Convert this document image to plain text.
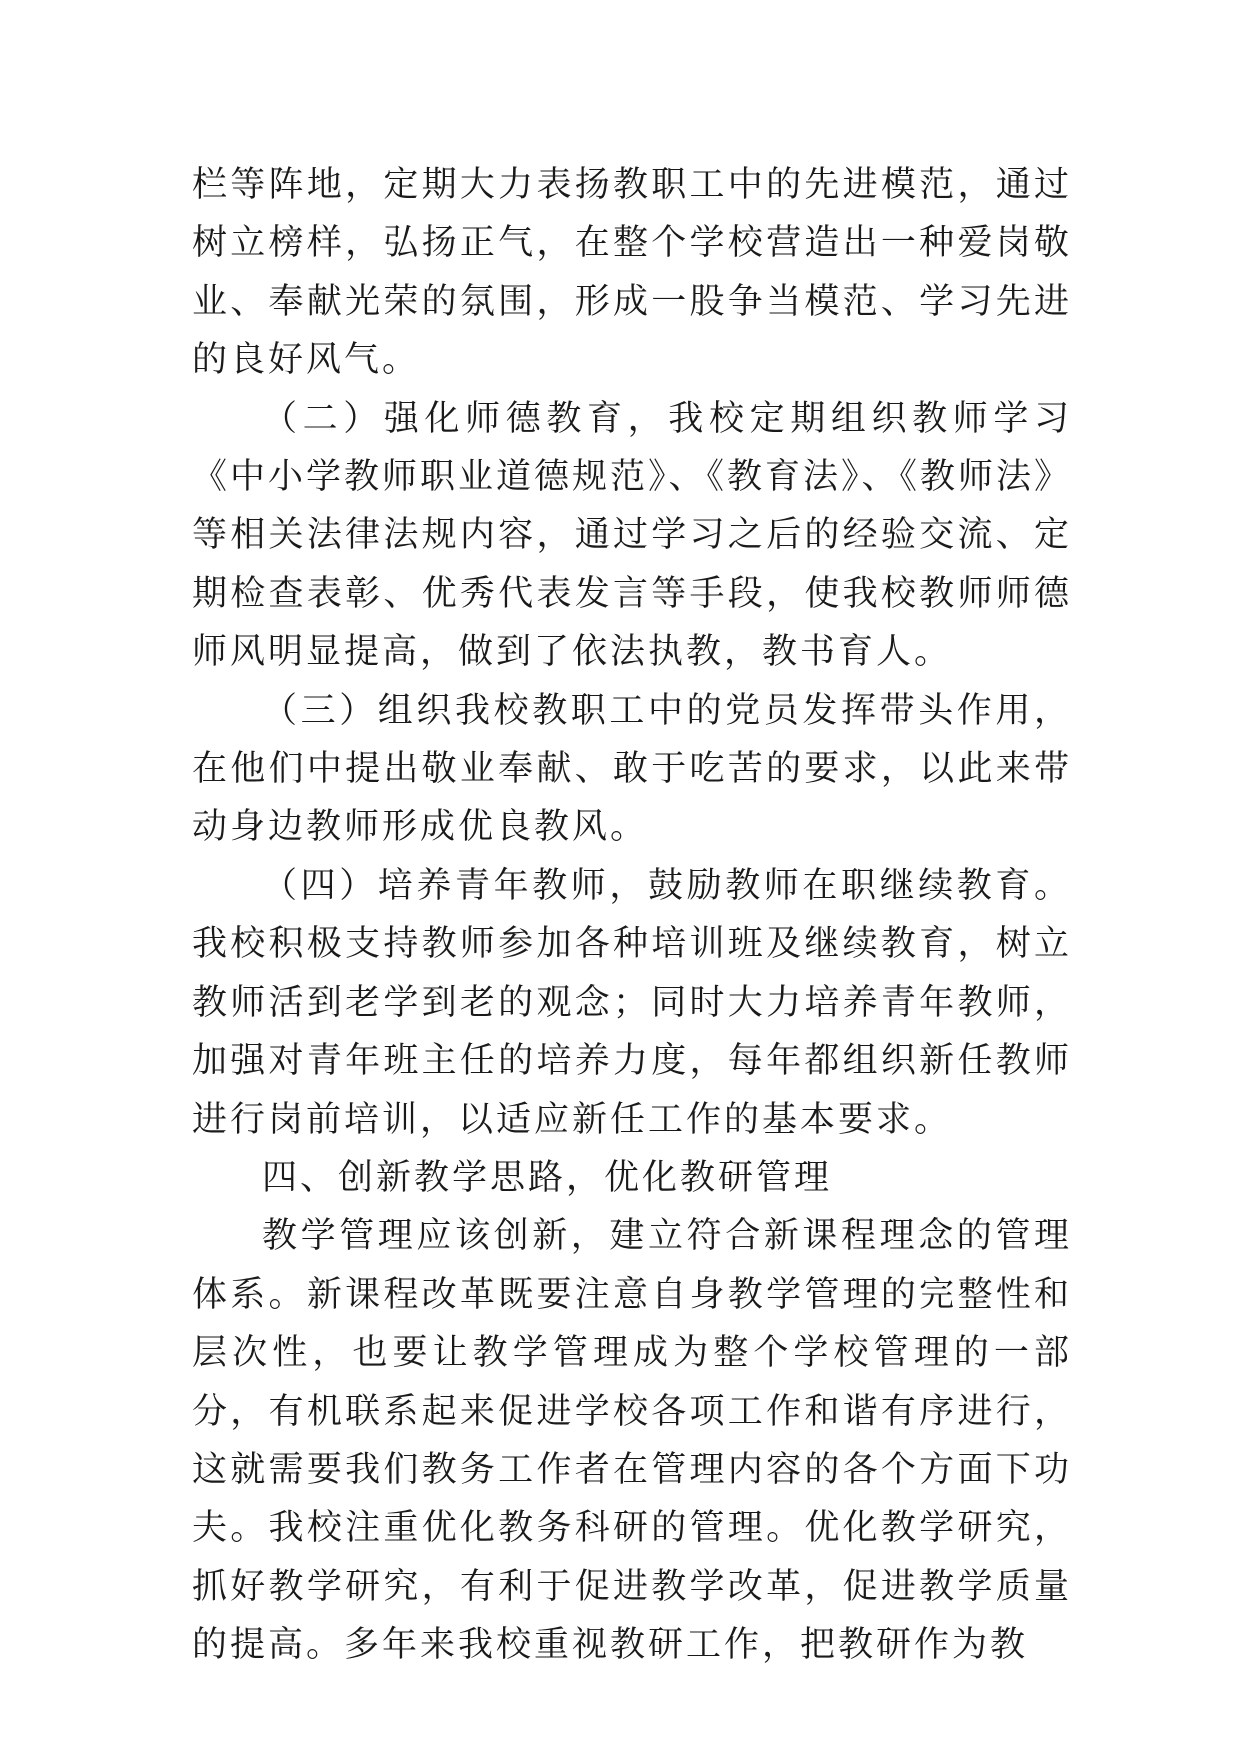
栏等阵地，定期大力表扬教职工中的先进模范，通过树立榜样，弘扬正气，在整个学校营造出一种爱岗敬业、奉献光荣的氛围，形成一股争当模范、学习先进的良好风气。

（二）强化师德教育，我校定期组织教师学习《中小学教师职业道德规范》、《教育法》、《教师法》等相关法律法规内容，通过学习之后的经验交流、定期检查表彰、优秀代表发言等手段，使我校教师师德师风明显提高，做到了依法执教，教书育人。

（三）组织我校教职工中的党员发挥带头作用，在他们中提出敬业奉献、敢于吃苦的要求，以此来带动身边教师形成优良教风。

（四）培养青年教师，鼓励教师在职继续教育。我校积极支持教师参加各种培训班及继续教育，树立教师活到老学到老的观念；同时大力培养青年教师，加强对青年班主任的培养力度，每年都组织新任教师进行岗前培训，以适应新任工作的基本要求。

四、创新教学思路，优化教研管理

教学管理应该创新，建立符合新课程理念的管理体系。新课程改革既要注意自身教学管理的完整性和层次性，也要让教学管理成为整个学校管理的一部分，有机联系起来促进学校各项工作和谐有序进行，这就需要我们教务工作者在管理内容的各个方面下功夫。我校注重优化教务科研的管理。优化教学研究，抓好教学研究，有利于促进教学改革，促进教学质量的提高。多年来我校重视教研工作，把教研作为教
